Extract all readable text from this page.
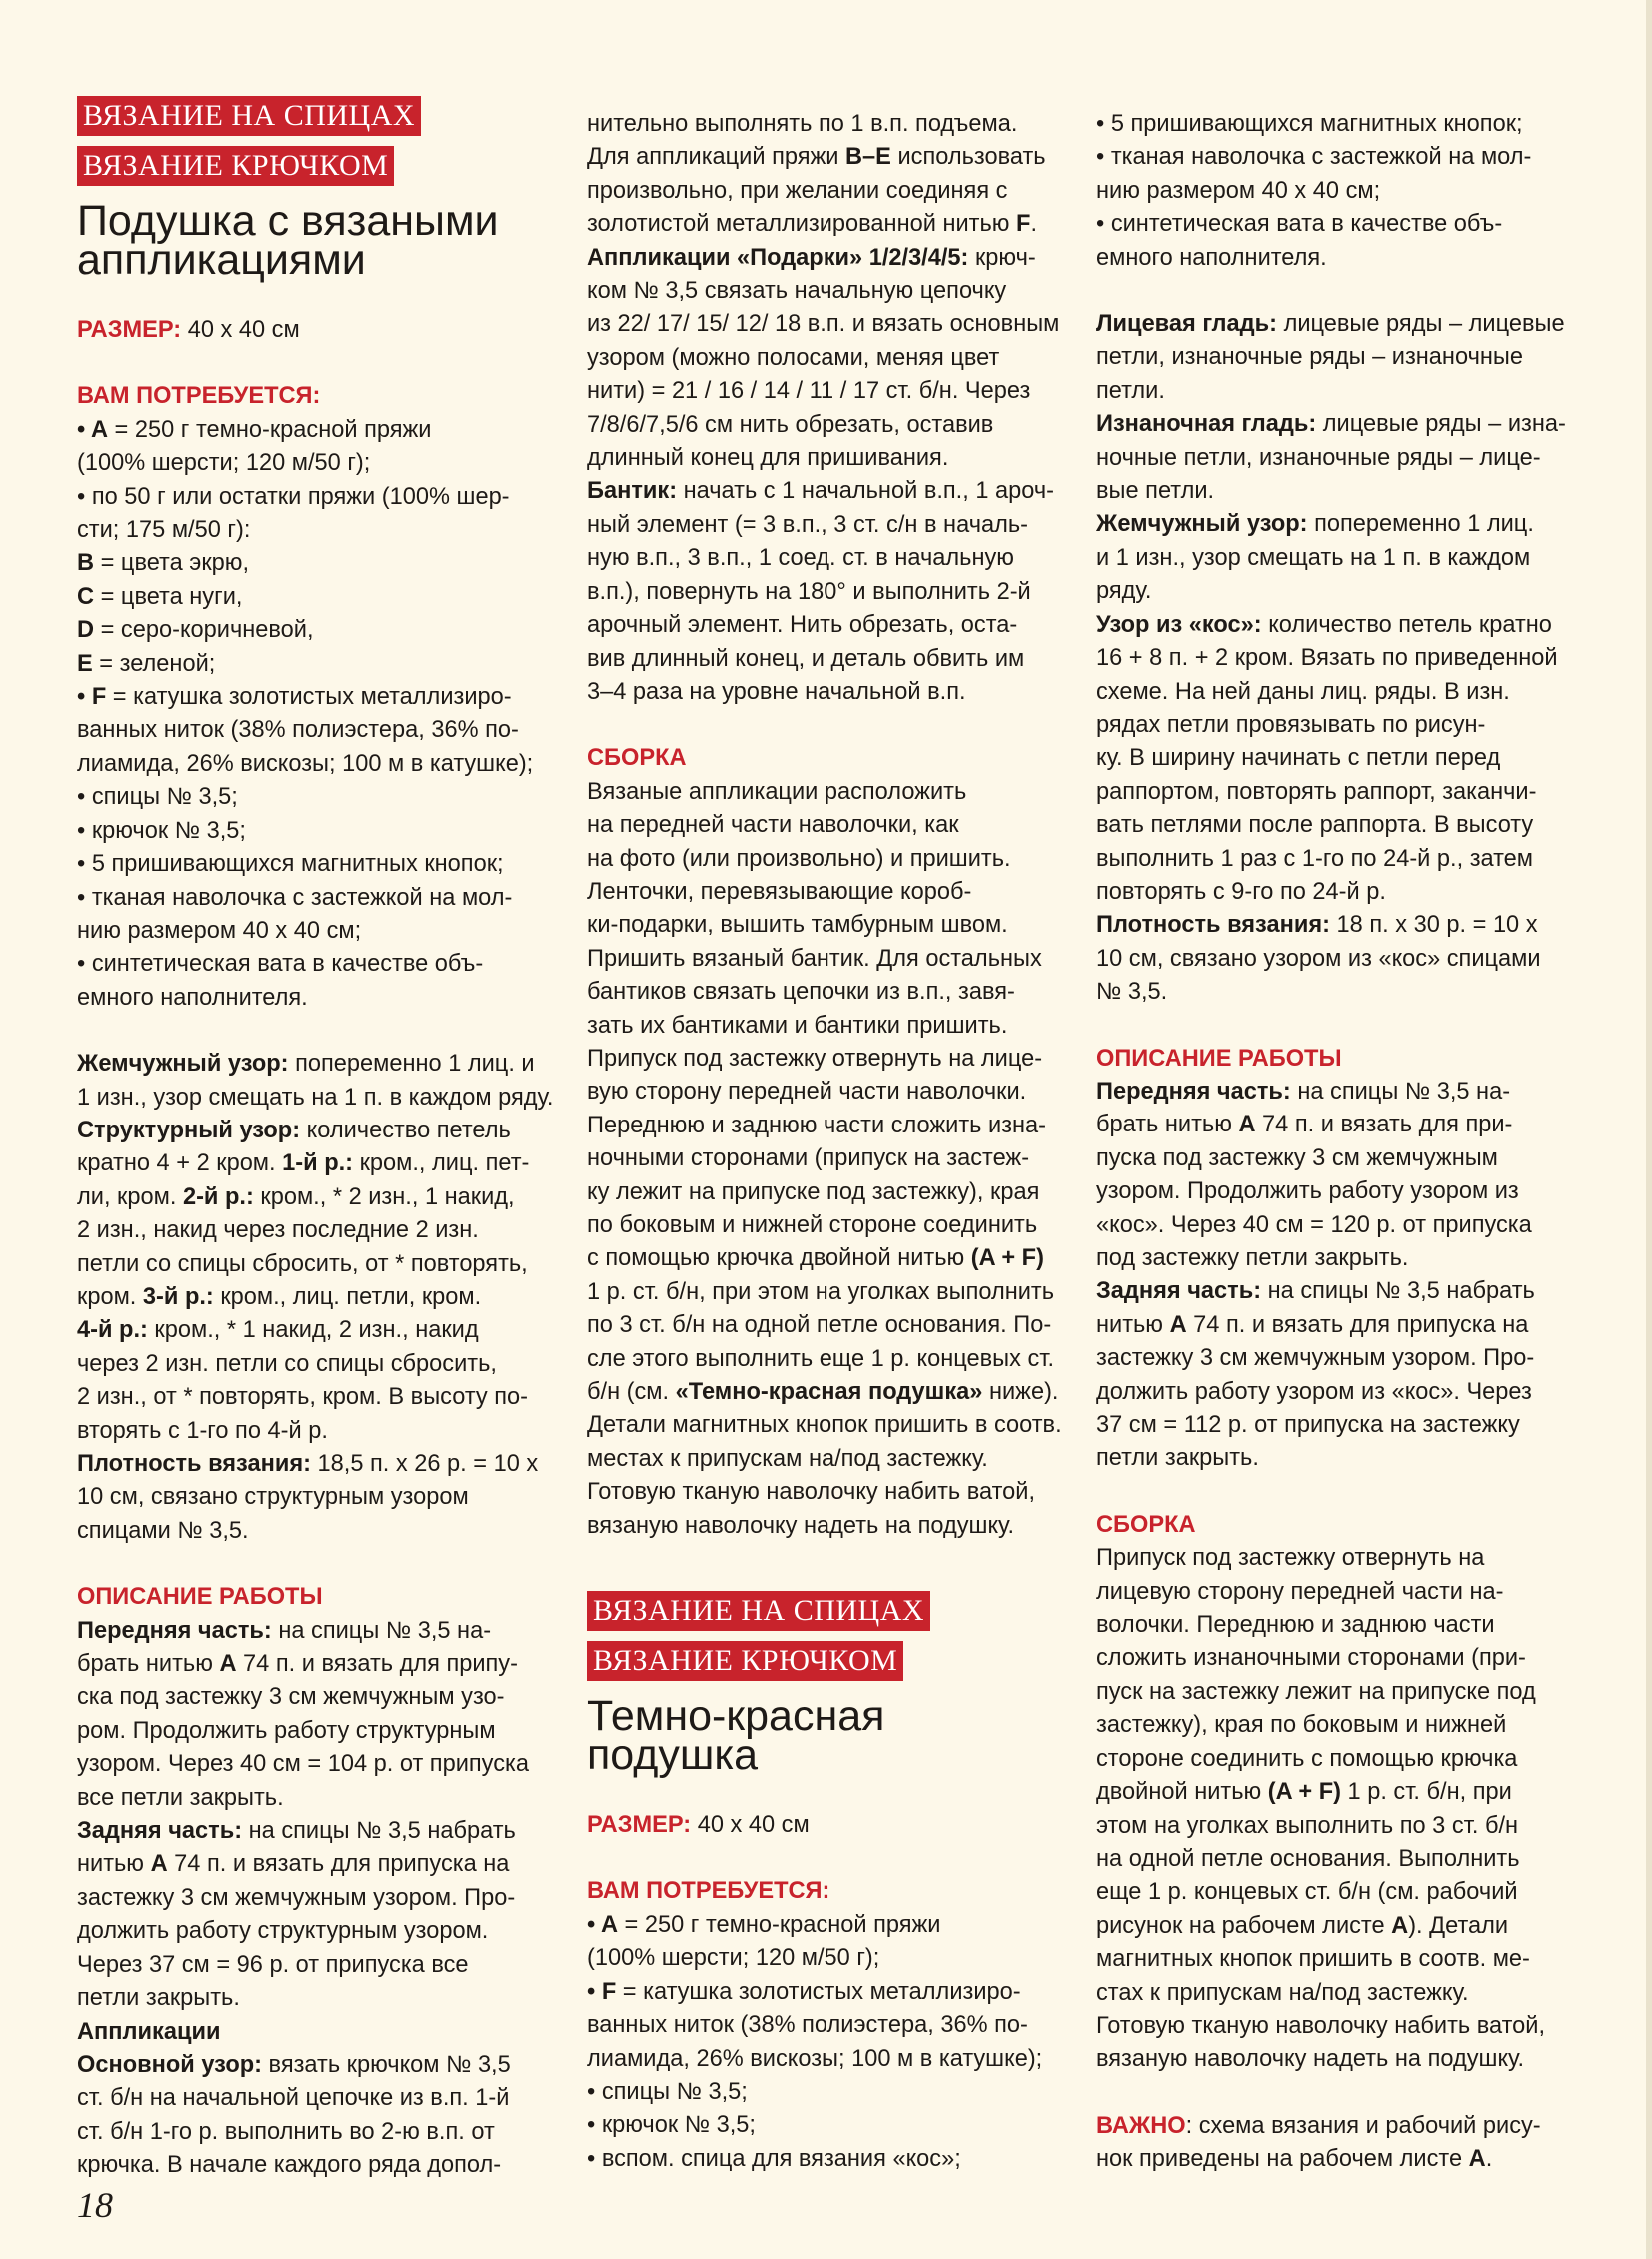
ВЯЗАНИЕ НА СПИЦАХ
ВЯЗАНИЕ КРЮЧКОМ
Подушка с вязаными
аппликациями

РАЗМЕР: 40 х 40 см

ВАМ ПОТРЕБУЕТСЯ:

• A = 250 г темно-красной пряжи

(100% шерсти; 120 м/50 г);

• по 50 г или остатки пряжи (100% шер-

сти; 175 м/50 г):

B = цвета экрю,

C = цвета нуги,

D = серо-коричневой,

E = зеленой;

• F = катушка золотистых металлизиро-

ванных ниток (38% полиэстера, 36% по-

лиамида, 26% вискозы; 100 м в катушке);

• спицы № 3,5;

• крючок № 3,5;

• 5 пришивающихся магнитных кнопок;

• тканая наволочка с застежкой на мол-

нию размером 40 х 40 см;

• синтетическая вата в качестве объ-

емного наполнителя.

Жемчужный узор: попеременно 1 лиц. и

1 изн., узор смещать на 1 п. в каждом ряду.

Структурный узор: количество петель

кратно 4 + 2 кром. 1-й р.: кром., лиц. пет-

ли, кром. 2-й р.: кром., * 2 изн., 1 накид,

2 изн., накид через последние 2 изн.

петли со спицы сбросить, от * повторять,

кром. 3-й р.: кром., лиц. петли, кром.

4-й р.: кром., * 1 накид, 2 изн., накид

через 2 изн. петли со спицы сбросить,

2 изн., от * повторять, кром. В высоту по-

вторять с 1-го по 4-й р.

Плотность вязания: 18,5 п. х 26 р. = 10 х

10 см, связано структурным узором

спицами № 3,5.

ОПИСАНИЕ РАБОТЫ

Передняя часть: на спицы № 3,5 на-

брать нитью A 74 п. и вязать для припу-

ска под застежку 3 см жемчужным узо-

ром. Продолжить работу структурным

узором. Через 40 см = 104 р. от припуска

все петли закрыть.

Задняя часть: на спицы № 3,5 набрать

нитью A 74 п. и вязать для припуска на

застежку 3 см жемчужным узором. Про-

должить работу структурным узором.

Через 37 см = 96 р. от припуска все

петли закрыть.

Аппликации

Основной узор: вязать крючком № 3,5

ст. б/н на начальной цепочке из в.п. 1-й

ст. б/н 1-го р. выполнить во 2-ю в.п. от

крючка. В начале каждого ряда допол-

нительно выполнять по 1 в.п. подъема.

Для аппликаций пряжи B–E использовать

произвольно, при желании соединяя с

золотистой металлизированной нитью F.

Аппликации «Подарки» 1/2/3/4/5: крюч-

ком № 3,5 связать начальную цепочку

из 22/ 17/ 15/ 12/ 18 в.п. и вязать основным

узором (можно полосами, меняя цвет

нити) = 21 / 16 / 14 / 11 / 17 ст. б/н. Через

7/8/6/7,5/6 см нить обрезать, оставив

длинный конец для пришивания.

Бантик: начать с 1 начальной в.п., 1 ароч-

ный элемент (= 3 в.п., 3 ст. с/н в началь-

ную в.п., 3 в.п., 1 соед. ст. в начальную

в.п.), повернуть на 180° и выполнить 2-й

арочный элемент. Нить обрезать, оста-

вив длинный конец, и деталь обвить им

3–4 раза на уровне начальной в.п.

СБОРКА

Вязаные аппликации расположить

на передней части наволочки, как

на фото (или произвольно) и пришить.

Ленточки, перевязывающие короб-

ки-подарки, вышить тамбурным швом.

Пришить вязаный бантик. Для остальных

бантиков связать цепочки из в.п., завя-

зать их бантиками и бантики пришить.

Припуск под застежку отвернуть на лице-

вую сторону передней части наволочки.

Переднюю и заднюю части сложить изна-

ночными сторонами (припуск на застеж-

ку лежит на припуске под застежку), края

по боковым и нижней стороне соединить

с помощью крючка двойной нитью (A + F)

1 р. ст. б/н, при этом на уголках выполнить

по 3 ст. б/н на одной петле основания. По-

сле этого выполнить еще 1 р. концевых ст.

б/н (см. «Темно-красная подушка» ниже).

Детали магнитных кнопок пришить в соотв.

местах к припускам на/под застежку.

Готовую тканую наволочку набить ватой,

вязаную наволочку надеть на подушку.

ВЯЗАНИЕ НА СПИЦАХ
ВЯЗАНИЕ КРЮЧКОМ
Темно-красная
подушка

РАЗМЕР: 40 х 40 см

ВАМ ПОТРЕБУЕТСЯ:

• A = 250 г темно-красной пряжи

(100% шерсти; 120 м/50 г);

• F = катушка золотистых металлизиро-

ванных ниток (38% полиэстера, 36% по-

лиамида, 26% вискозы; 100 м в катушке);

• спицы № 3,5;

• крючок № 3,5;

• вспом. спица для вязания «кос»;

• 5 пришивающихся магнитных кнопок;

• тканая наволочка с застежкой на мол-

нию размером 40 х 40 см;

• синтетическая вата в качестве объ-

емного наполнителя.

Лицевая гладь: лицевые ряды – лицевые

петли, изнаночные ряды – изнаночные

петли.

Изнаночная гладь: лицевые ряды – изна-

ночные петли, изнаночные ряды – лице-

вые петли.

Жемчужный узор: попеременно 1 лиц.

и 1 изн., узор смещать на 1 п. в каждом

ряду.

Узор из «кос»: количество петель кратно

16 + 8 п. + 2 кром. Вязать по приведенной

схеме. На ней даны лиц. ряды. В изн.

рядах петли провязывать по рисун-

ку. В ширину начинать с петли перед

раппортом, повторять раппорт, заканчи-

вать петлями после раппорта. В высоту

выполнить 1 раз с 1-го по 24-й р., затем

повторять с 9-го по 24-й р.

Плотность вязания: 18 п. х 30 р. = 10 х

10 см, связано узором из «кос» спицами

№ 3,5.

ОПИСАНИЕ РАБОТЫ

Передняя часть: на спицы № 3,5 на-

брать нитью A 74 п. и вязать для при-

пуска под застежку 3 см жемчужным

узором. Продолжить работу узором из

«кос». Через 40 см = 120 р. от припуска

под застежку петли закрыть.

Задняя часть: на спицы № 3,5 набрать

нитью A 74 п. и вязать для припуска на

застежку 3 см жемчужным узором. Про-

должить работу узором из «кос». Через

37 см = 112 р. от припуска на застежку

петли закрыть.

СБОРКА

Припуск под застежку отвернуть на

лицевую сторону передней части на-

волочки. Переднюю и заднюю части

сложить изнаночными сторонами (при-

пуск на застежку лежит на припуске под

застежку), края по боковым и нижней

стороне соединить с помощью крючка

двойной нитью (A + F) 1 р. ст. б/н, при

этом на уголках выполнить по 3 ст. б/н

на одной петле основания. Выполнить

еще 1 р. концевых ст. б/н (см. рабочий

рисунок на рабочем листе A). Детали

магнитных кнопок пришить в соотв. ме-

стах к припускам на/под застежку.

Готовую тканую наволочку набить ватой,

вязаную наволочку надеть на подушку.

ВАЖНО: схема вязания и рабочий рису-

нок приведены на рабочем листе A.

18
